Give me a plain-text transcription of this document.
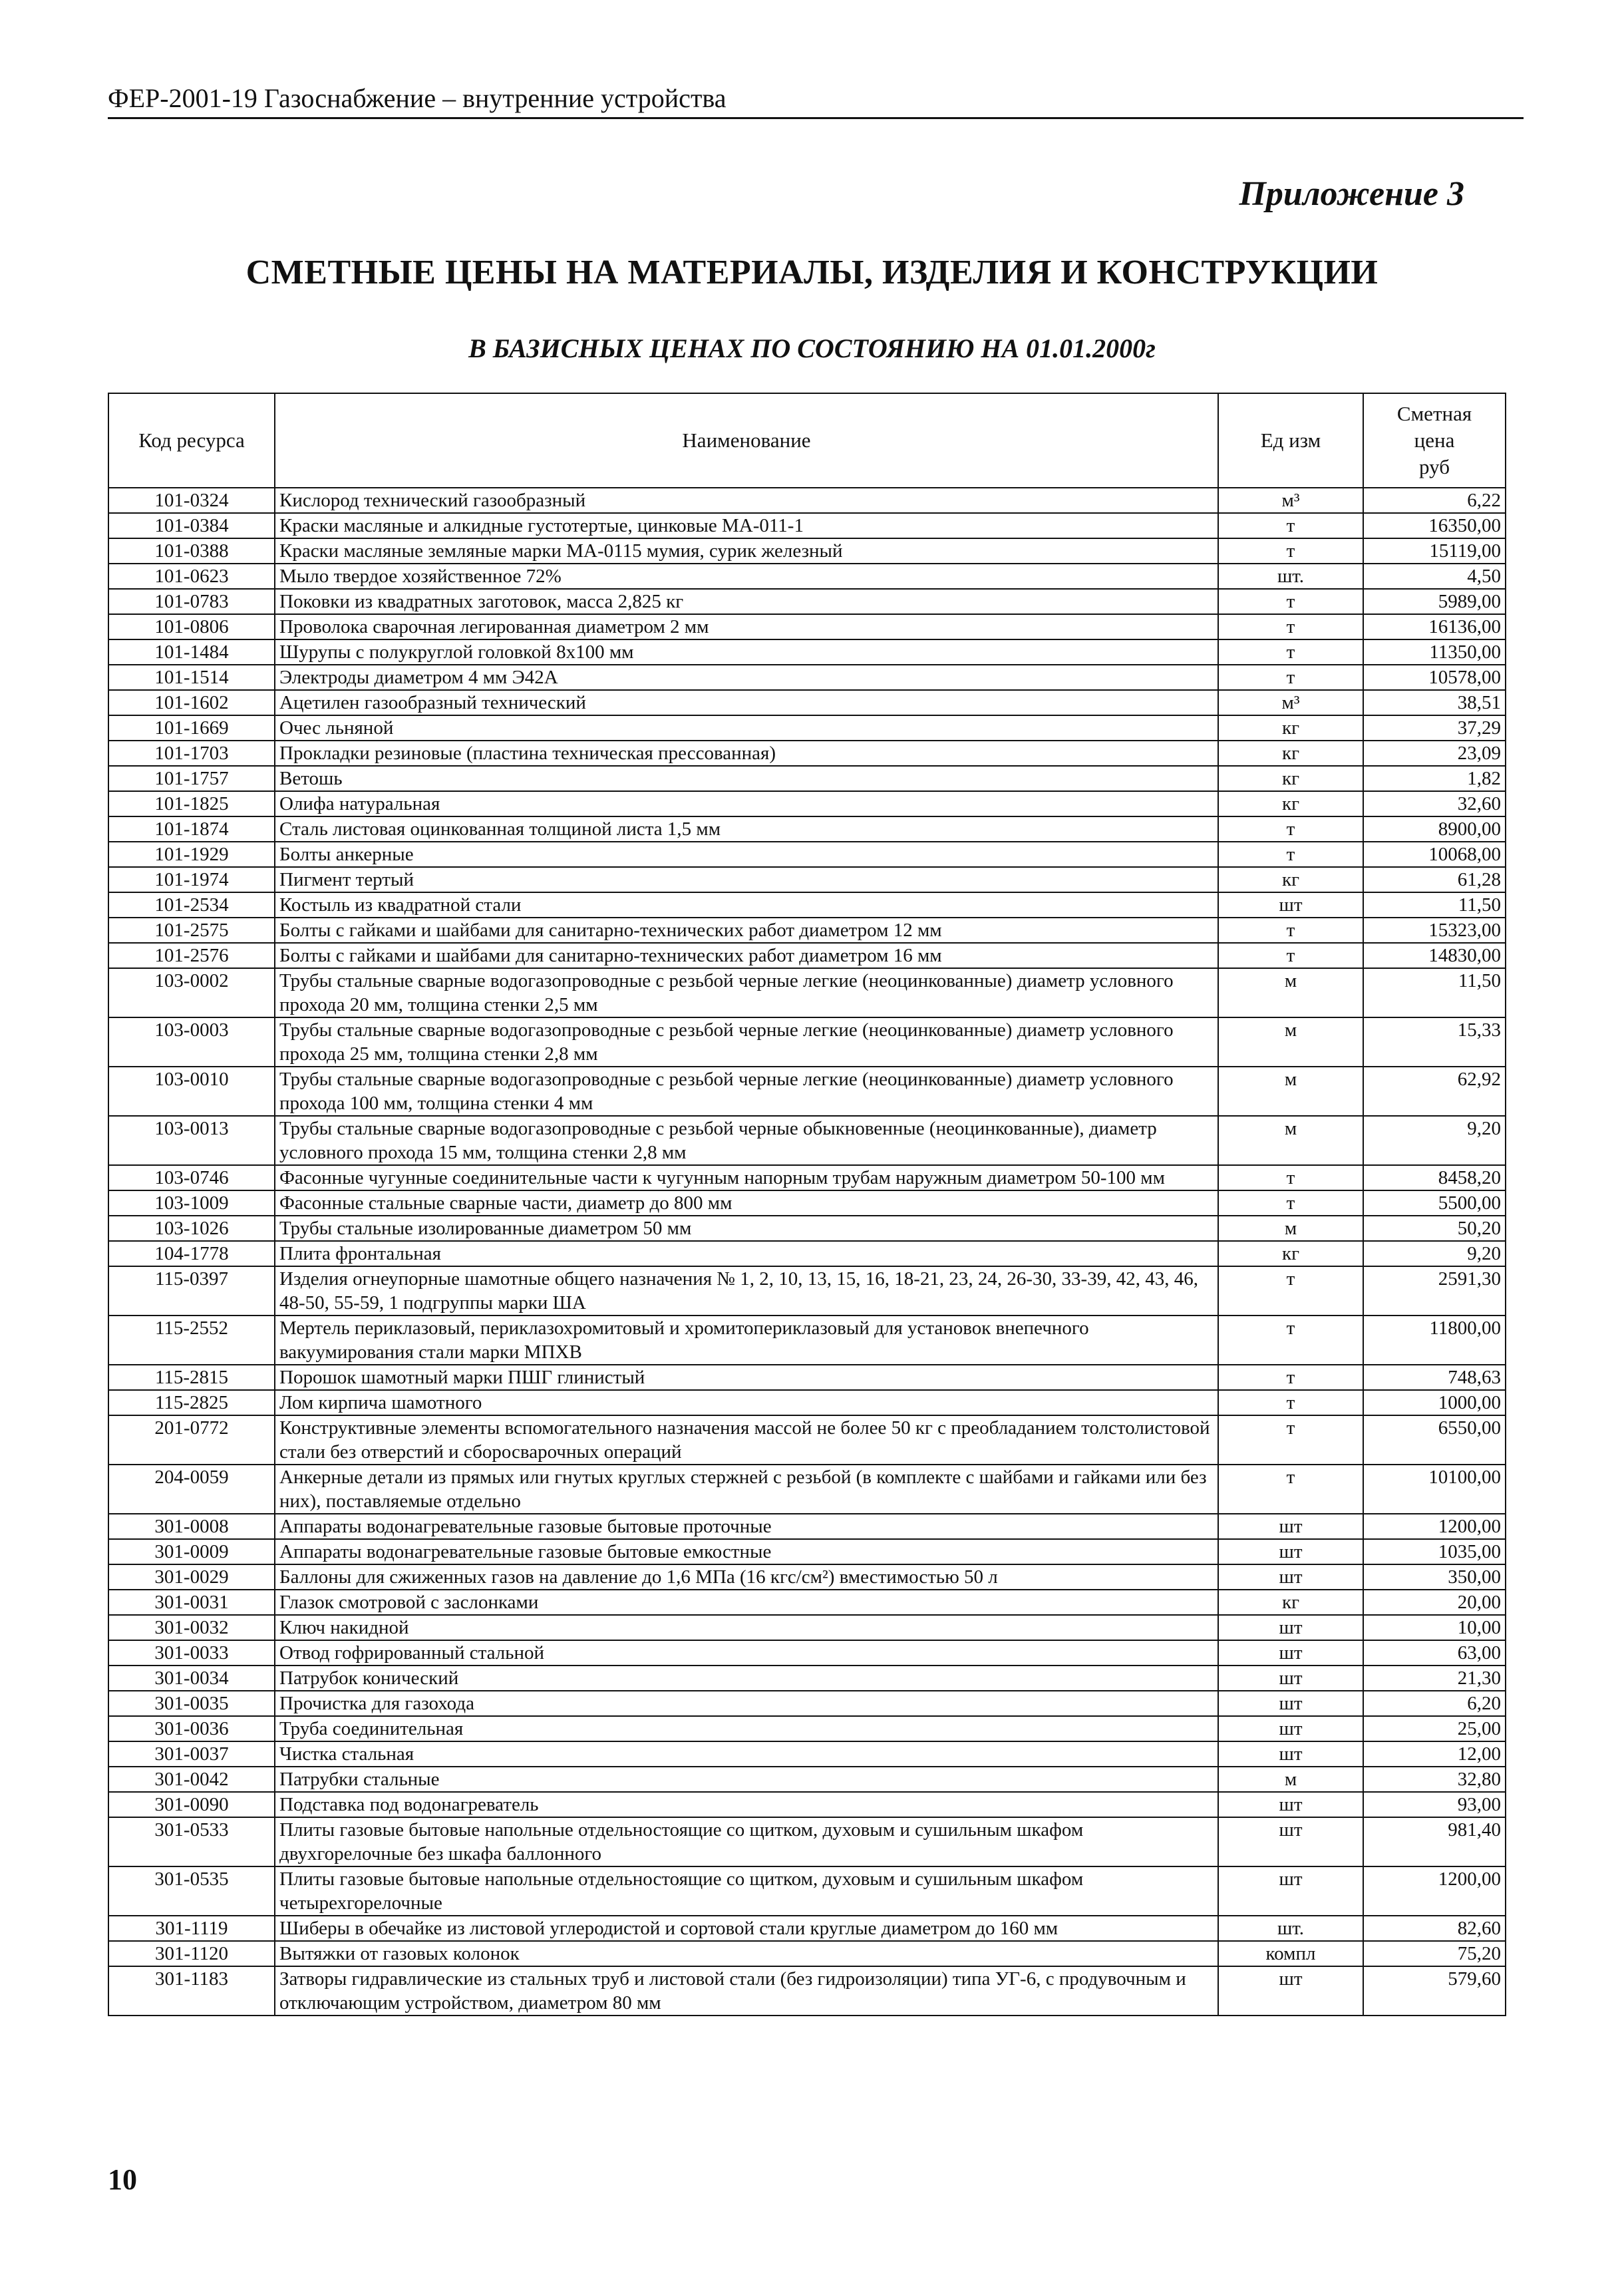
ФЕР-2001-19 Газоснабжение – внутренние устройства
Приложение 3
СМЕТНЫЕ ЦЕНЫ НА МАТЕРИАЛЫ, ИЗДЕЛИЯ И КОНСТРУКЦИИ
В БАЗИСНЫХ ЦЕНАХ ПО СОСТОЯНИЮ НА 01.01.2000г
Код ресурса	Наименование	Ед изм	Сметная
цена
руб

101-0324	Кислород технический газообразный	м³	6,22
101-0384	Краски масляные и алкидные густотертые, цинковые МА-011-1	т	16350,00
101-0388	Краски масляные земляные марки МА-0115 мумия, сурик железный	т	15119,00
101-0623	Мыло твердое хозяйственное 72%	шт.	4,50
101-0783	Поковки из квадратных заготовок, масса 2,825 кг	т	5989,00
101-0806	Проволока сварочная легированная диаметром 2 мм	т	16136,00
101-1484	Шурупы с полукруглой головкой 8х100 мм	т	11350,00
101-1514	Электроды диаметром 4 мм Э42А	т	10578,00
101-1602	Ацетилен газообразный технический	м³	38,51
101-1669	Очес льняной	кг	37,29
101-1703	Прокладки резиновые (пластина техническая прессованная)	кг	23,09
101-1757	Ветошь	кг	1,82
101-1825	Олифа натуральная	кг	32,60
101-1874	Сталь листовая оцинкованная толщиной листа 1,5 мм	т	8900,00
101-1929	Болты анкерные	т	10068,00
101-1974	Пигмент тертый	кг	61,28
101-2534	Костыль из квадратной стали	шт	11,50
101-2575	Болты с гайками и шайбами для санитарно-технических работ диаметром 12 мм	т	15323,00
101-2576	Болты с гайками и шайбами для санитарно-технических работ диаметром 16 мм	т	14830,00
103-0002	Трубы стальные сварные водогазопроводные с резьбой черные легкие (неоцинкованные) диаметр условного прохода 20 мм, толщина стенки 2,5 мм	м	11,50
103-0003	Трубы стальные сварные водогазопроводные с резьбой черные легкие (неоцинкованные) диаметр условного прохода 25 мм, толщина стенки 2,8 мм	м	15,33
103-0010	Трубы стальные сварные водогазопроводные с резьбой черные легкие (неоцинкованные) диаметр условного прохода 100 мм, толщина стенки 4 мм	м	62,92
103-0013	Трубы стальные сварные водогазопроводные с резьбой черные обыкновенные (неоцинкованные), диаметр условного прохода 15 мм, толщина стенки 2,8 мм	м	9,20
103-0746	Фасонные чугунные соединительные части к чугунным напорным трубам наружным диаметром 50-100 мм	т	8458,20
103-1009	Фасонные стальные сварные части, диаметр до 800 мм	т	5500,00
103-1026	Трубы стальные изолированные диаметром 50 мм	м	50,20
104-1778	Плита фронтальная	кг	9,20
115-0397	Изделия огнеупорные шамотные общего назначения № 1, 2, 10, 13, 15, 16, 18-21, 23, 24, 26-30, 33-39, 42, 43, 46, 48-50, 55-59, 1 подгруппы марки ША	т	2591,30
115-2552	Мертель периклазовый, периклазохромитовый и хромитопериклазовый для установок внепечного вакуумирования стали марки МПХВ	т	11800,00
115-2815	Порошок шамотный марки ПШГ глинистый	т	748,63
115-2825	Лом кирпича шамотного	т	1000,00
201-0772	Конструктивные элементы вспомогательного назначения массой не более 50 кг с преобладанием толстолистовой стали без отверстий и сборосварочных операций	т	6550,00
204-0059	Анкерные детали из прямых или гнутых круглых стержней с резьбой (в комплекте с шайбами и гайками или без них), поставляемые отдельно	т	10100,00
301-0008	Аппараты водонагревательные газовые бытовые проточные	шт	1200,00
301-0009	Аппараты водонагревательные газовые бытовые емкостные	шт	1035,00
301-0029	Баллоны для сжиженных газов на давление до 1,6 МПа (16 кгс/см²) вместимостью 50 л	шт	350,00
301-0031	Глазок смотровой с заслонками	кг	20,00
301-0032	Ключ накидной	шт	10,00
301-0033	Отвод гофрированный стальной	шт	63,00
301-0034	Патрубок конический	шт	21,30
301-0035	Прочистка для газохода	шт	6,20
301-0036	Труба соединительная	шт	25,00
301-0037	Чистка стальная	шт	12,00
301-0042	Патрубки стальные	м	32,80
301-0090	Подставка под водонагреватель	шт	93,00
301-0533	Плиты газовые бытовые напольные отдельностоящие со щитком, духовым и сушильным шкафом двухгорелочные без шкафа баллонного	шт	981,40
301-0535	Плиты газовые бытовые напольные отдельностоящие со щитком, духовым и сушильным шкафом четырехгорелочные	шт	1200,00
301-1119	Шиберы в обечайке из листовой углеродистой и сортовой стали круглые диаметром до 160 мм	шт.	82,60
301-1120	Вытяжки от газовых колонок	компл	75,20
301-1183	Затворы гидравлические из стальных труб и листовой стали (без гидроизоляции) типа УГ-6, с продувочным и отключающим устройством, диаметром 80 мм	шт	579,60
10
